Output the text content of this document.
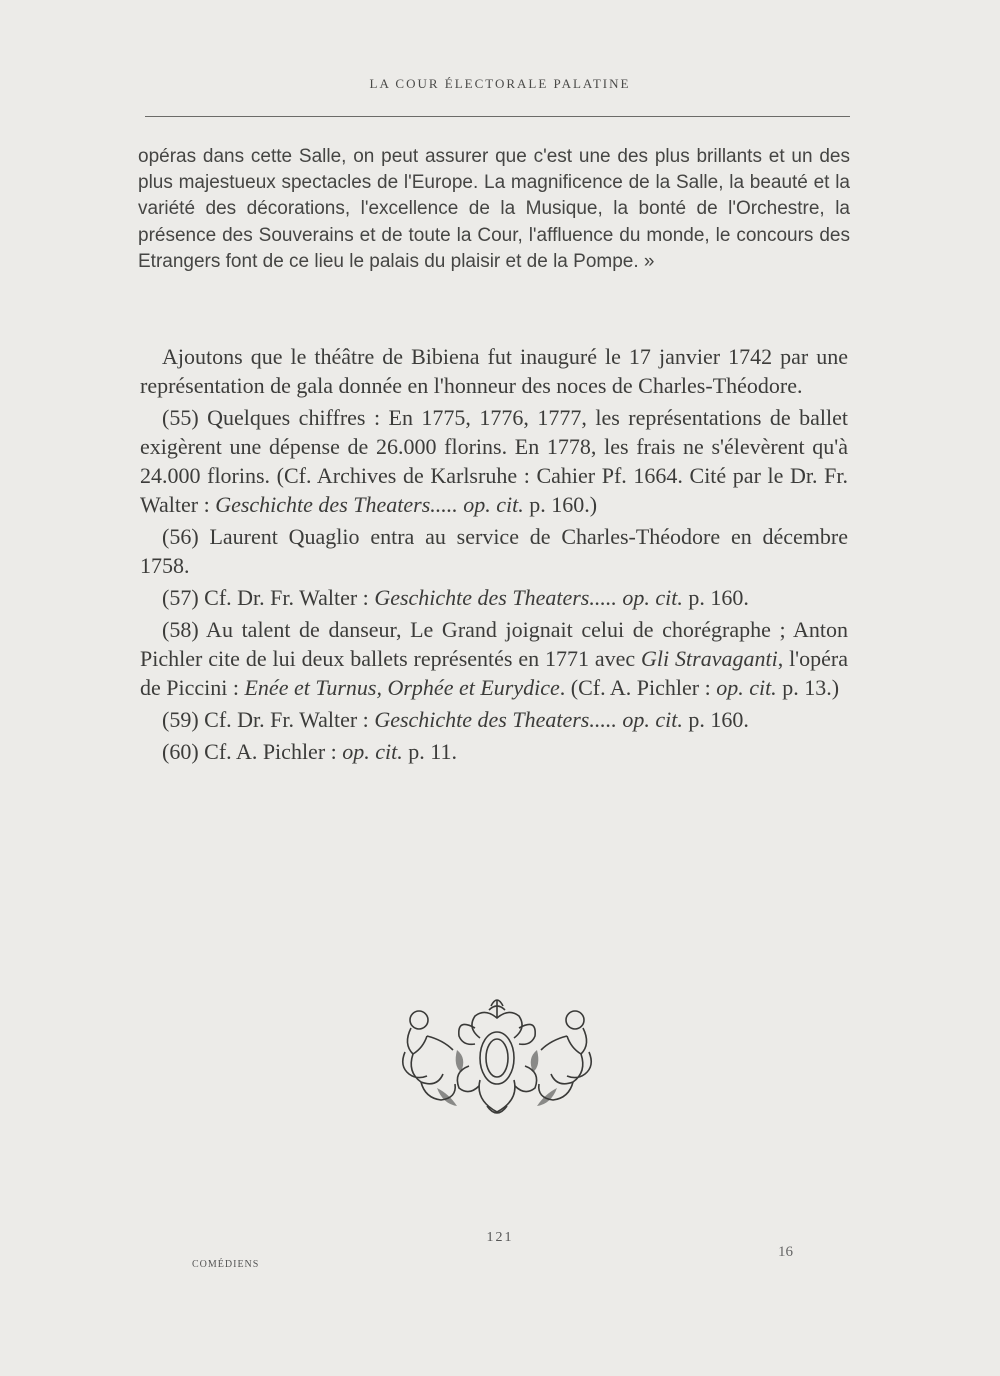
LA COUR ÉLECTORALE PALATINE
opéras dans cette Salle, on peut assurer que c'est une des plus brillants et un des plus majestueux spectacles de l'Europe. La magnificence de la Salle, la beauté et la variété des décorations, l'excellence de la Musique, la bonté de l'Orchestre, la présence des Souverains et de toute la Cour, l'affluence du monde, le concours des Etrangers font de ce lieu le palais du plaisir et de la Pompe. »

Ajoutons que le théâtre de Bibiena fut inauguré le 17 janvier 1742 par une représentation de gala donnée en l'honneur des noces de Charles-Théodore.

(55) Quelques chiffres : En 1775, 1776, 1777, les représentations de ballet exigèrent une dépense de 26.000 florins. En 1778, les frais ne s'élevèrent qu'à 24.000 florins. (Cf. Archives de Karlsruhe : Cahier Pf. 1664. Cité par le Dr. Fr. Walter : Geschichte des Theaters..... op. cit. p. 160.)

(56) Laurent Quaglio entra au service de Charles-Théodore en décembre 1758.

(57) Cf. Dr. Fr. Walter : Geschichte des Theaters..... op. cit. p. 160.

(58) Au talent de danseur, Le Grand joignait celui de chorégraphe ; Anton Pichler cite de lui deux ballets représentés en 1771 avec Gli Stravaganti, l'opéra de Piccini : Enée et Turnus, Orphée et Eurydice. (Cf. A. Pichler : op. cit. p. 13.)

(59) Cf. Dr. Fr. Walter : Geschichte des Theaters..... op. cit. p. 160.

(60) Cf. A. Pichler : op. cit. p. 11.

121
COMÉDIENS
16
